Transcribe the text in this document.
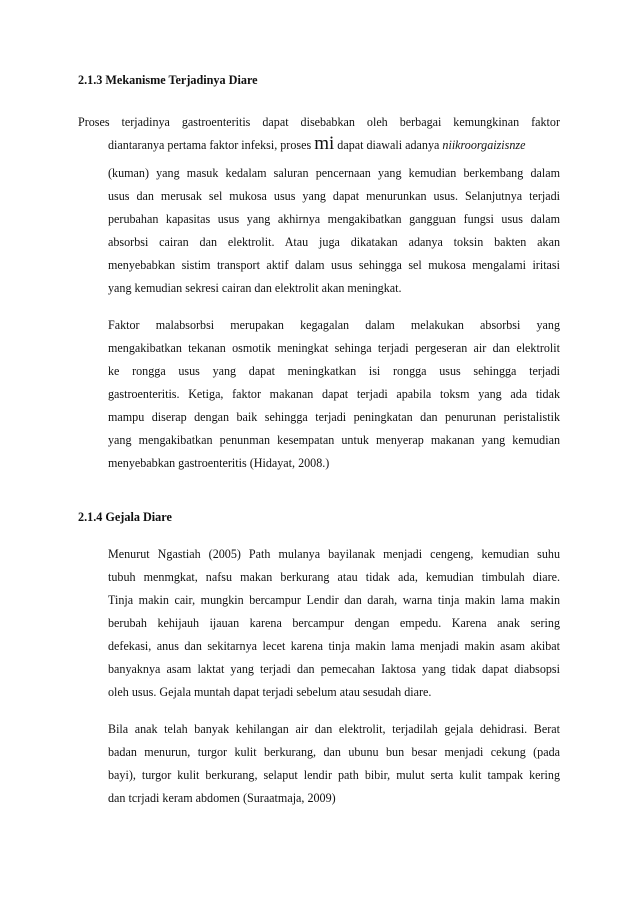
2.1.3 Mekanisme Terjadinya Diare
Proses terjadinya gastroenteritis dapat disebabkan oleh berbagai kemungkinan faktor
diantaranya pertama faktor infeksi, proses mi dapat diawali adanya niikroorgaizisnze
(kuman) yang masuk kedalam saluran pencernaan yang kemudian berkembang dalam
usus dan merusak sel mukosa usus yang dapat menurunkan usus. Selanjutnya terjadi
perubahan kapasitas usus yang akhirnya mengakibatkan gangguan fungsi usus dalam
absorbsi cairan dan elektrolit. Atau juga dikatakan adanya toksin bakten akan
menyebabkan sistim transport aktif dalam usus sehingga sel mukosa mengalami iritasi
yang kemudian sekresi cairan dan elektrolit akan meningkat.
Faktor malabsorbsi merupakan kegagalan dalam melakukan absorbsi yang
mengakibatkan tekanan osmotik meningkat sehinga terjadi pergeseran air dan elektrolit
ke rongga usus yang dapat meningkatkan isi rongga usus sehingga terjadi
gastroenteritis. Ketiga, faktor makanan dapat terjadi apabila toksm yang ada tidak
mampu diserap dengan baik sehingga terjadi peningkatan dan penurunan peristalistik
yang mengakibatkan penunman kesempatan untuk menyerap makanan yang kemudian
menyebabkan gastroenteritis (Hidayat, 2008.)
2.1.4 Gejala Diare
Menurut Ngastiah (2005) Path mulanya bayilanak menjadi cengeng, kemudian suhu
tubuh menmgkat, nafsu makan berkurang atau tidak ada, kemudian timbulah diare.
Tinja makin cair, mungkin bercampur Lendir dan darah, warna tinja makin lama makin
berubah kehijauh ijauan karena bercampur dengan empedu. Karena anak sering
defekasi, anus dan sekitarnya lecet karena tinja makin lama menjadi makin asam akibat
banyaknya asam laktat yang terjadi dan pemecahan Iaktosa yang tidak dapat diabsopsi
oleh usus. Gejala muntah dapat terjadi sebelum atau sesudah diare.
Bila anak telah banyak kehilangan air dan elektrolit, terjadilah gejala dehidrasi. Berat
badan menurun, turgor kulit berkurang, dan ubunu bun besar menjadi cekung (pada
bayi), turgor kulit berkurang, selaput lendir path bibir, mulut serta kulit tampak kering
dan tcrjadi keram abdomen (Suraatmaja, 2009)
